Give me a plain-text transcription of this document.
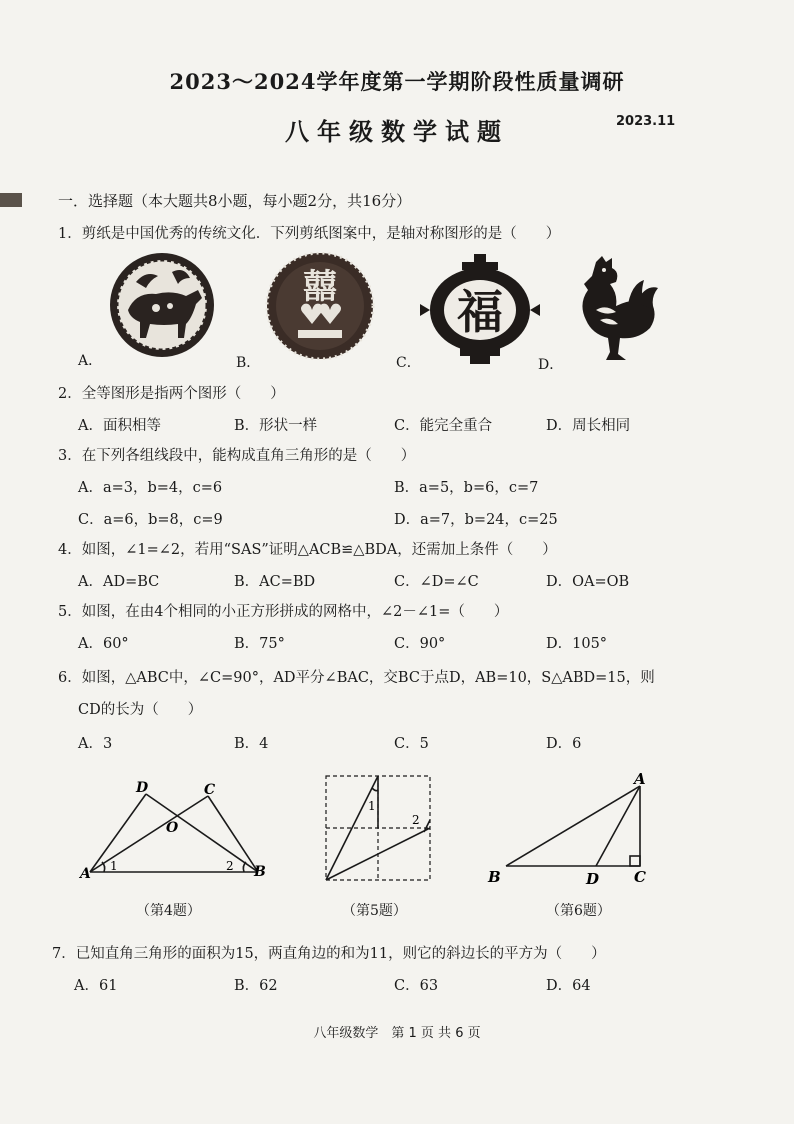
2023～2024学年度第一学期阶段性质量调研
八年级数学试题	2023.11
一．选择题（本大题共8小题，每小题2分，共16分）
1．剪纸是中国优秀的传统文化．下列剪纸图案中，是轴对称图形的是（　　）
A．	B．	C．	D．
囍	福
2．全等图形是指两个图形（　　）
A．面积相等	B．形状一样	C．能完全重合	D．周长相同
3．在下列各组线段中，能构成直角三角形的是（　　）
A．a=3，b=4，c=6	B．a=5，b=6，c=7
C．a=6，b=8，c=9	D．a=7，b=24，c=25
4．如图，∠1=∠2，若用“SAS”证明△ACB≌△BDA，还需加上条件（　　）
A．AD=BC	B．AC=BD	C．∠D=∠C	D．OA=OB
5．如图，在由4个相同的小正方形拼成的网格中，∠2－∠1=（　　）
A．60°	B．75°	C．90°	D．105°
6．如图，△ABC中，∠C=90°，AD平分∠BAC，交BC于点D，AB=10，S△ABD=15，则
CD的长为（　　）
A．3	B．4	C．5	D．6
D	C
O
A 1	2 B
（第4题）
1
2
（第5题）
A
B	D C
（第6题）
7．已知直角三角形的面积为15，两直角边的和为11，则它的斜边长的平方为（　　）
A．61	B．62	C．63	D．64
八年级数学　第 1 页 共 6 页
